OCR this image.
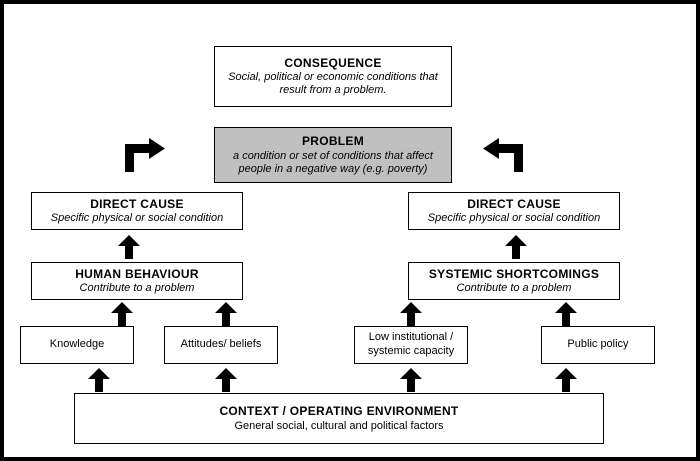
CONSEQUENCE
Social, political or economic conditions that result from a problem.
PROBLEM
a condition or set of conditions that affect people in a negative way (e.g. poverty)
DIRECT CAUSE
Specific physical or social condition
DIRECT CAUSE
Specific physical or social condition
HUMAN BEHAVIOUR
Contribute to a problem
SYSTEMIC SHORTCOMINGS
Contribute to a problem
Knowledge	Attitudes/ beliefs
Low institutional / systemic capacity
Public policy
CONTEXT / OPERATING ENVIRONMENT
General social, cultural and political factors
